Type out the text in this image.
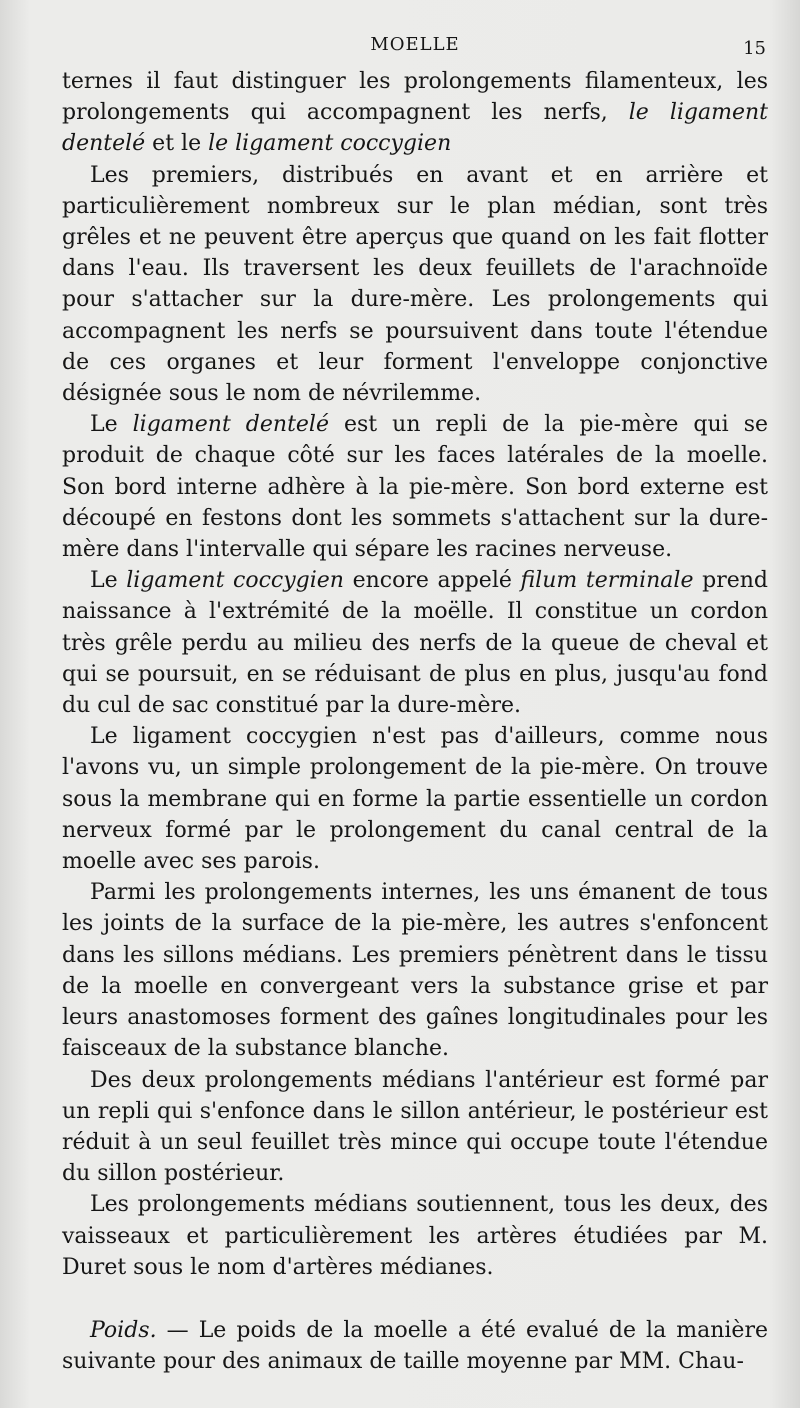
MOELLE	15

ternes il faut distinguer les prolongements filamenteux, les prolongements qui accompagnent les nerfs, le ligament dentelé et le le ligament coccygien

Les premiers, distribués en avant et en arrière et particulièrement nombreux sur le plan médian, sont très grêles et ne peuvent être aperçus que quand on les fait flotter dans l'eau. Ils traversent les deux feuillets de l'arachnoïde pour s'attacher sur la dure-mère. Les prolongements qui accompagnent les nerfs se poursuivent dans toute l'étendue de ces organes et leur forment l'enveloppe conjonctive désignée sous le nom de névrilemme.

Le ligament dentelé est un repli de la pie-mère qui se produit de chaque côté sur les faces latérales de la moelle. Son bord interne adhère à la pie-mère. Son bord externe est découpé en festons dont les sommets s'attachent sur la dure-mère dans l'intervalle qui sépare les racines nerveuse.

Le ligament coccygien encore appelé filum terminale prend naissance à l'extrémité de la moëlle. Il constitue un cordon très grêle perdu au milieu des nerfs de la queue de cheval et qui se poursuit, en se réduisant de plus en plus, jusqu'au fond du cul de sac constitué par la dure-mère.

Le ligament coccygien n'est pas d'ailleurs, comme nous l'avons vu, un simple prolongement de la pie-mère. On trouve sous la membrane qui en forme la partie essentielle un cordon nerveux formé par le prolongement du canal central de la moelle avec ses parois.

Parmi les prolongements internes, les uns émanent de tous les joints de la surface de la pie-mère, les autres s'enfoncent dans les sillons médians. Les premiers pénètrent dans le tissu de la moelle en convergeant vers la substance grise et par leurs anastomoses forment des gaînes longitudinales pour les faisceaux de la substance blanche.

Des deux prolongements médians l'antérieur est formé par un repli qui s'enfonce dans le sillon antérieur, le postérieur est réduit à un seul feuillet très mince qui occupe toute l'étendue du sillon postérieur.

Les prolongements médians soutiennent, tous les deux, des vaisseaux et particulièrement les artères étudiées par M. Duret sous le nom d'artères médianes.

Poids. — Le poids de la moelle a été evalué de la manière suivante pour des animaux de taille moyenne par MM. Chau-
